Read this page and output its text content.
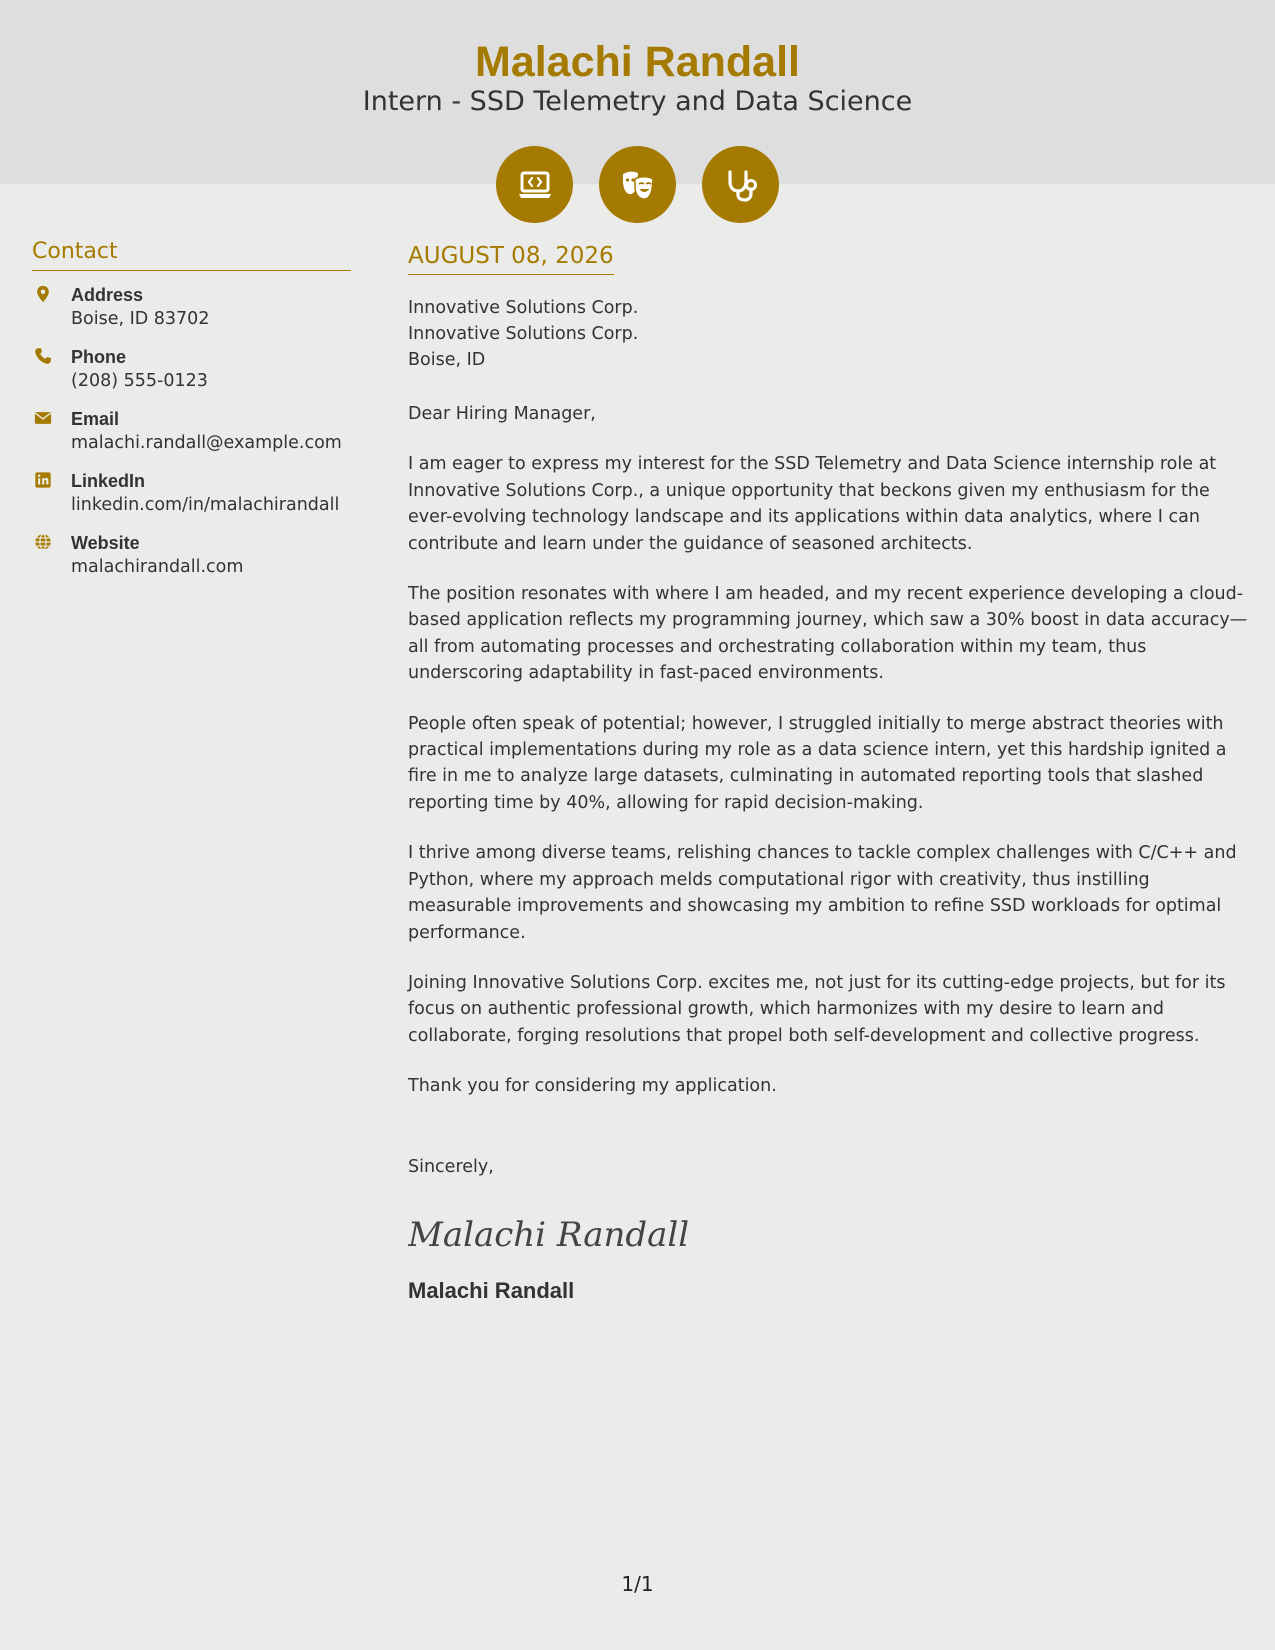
Malachi Randall
Intern - SSD Telemetry and Data Science
Contact
Address
Boise, ID 83702
Phone
(208) 555-0123
Email
malachi.randall@example.com
LinkedIn
linkedin.com/in/malachirandall
Website
malachirandall.com
AUGUST 08, 2026
Innovative Solutions Corp.
Innovative Solutions Corp.
Boise, ID
Dear Hiring Manager,
I am eager to express my interest for the SSD Telemetry and Data Science internship role at Innovative Solutions Corp., a unique opportunity that beckons given my enthusiasm for the ever-evolving technology landscape and its applications within data analytics, where I can contribute and learn under the guidance of seasoned architects.
The position resonates with where I am headed, and my recent experience developing a cloud-based application reflects my programming journey, which saw a 30% boost in data accuracy—all from automating processes and orchestrating collaboration within my team, thus underscoring adaptability in fast-paced environments.
People often speak of potential; however, I struggled initially to merge abstract theories with practical implementations during my role as a data science intern, yet this hardship ignited a fire in me to analyze large datasets, culminating in automated reporting tools that slashed reporting time by 40%, allowing for rapid decision-making.
I thrive among diverse teams, relishing chances to tackle complex challenges with C/C++ and Python, where my approach melds computational rigor with creativity, thus instilling measurable improvements and showcasing my ambition to refine SSD workloads for optimal performance.
Joining Innovative Solutions Corp. excites me, not just for its cutting-edge projects, but for its focus on authentic professional growth, which harmonizes with my desire to learn and collaborate, forging resolutions that propel both self-development and collective progress.
Thank you for considering my application.
Sincerely,
Malachi Randall
Malachi Randall
1/1
